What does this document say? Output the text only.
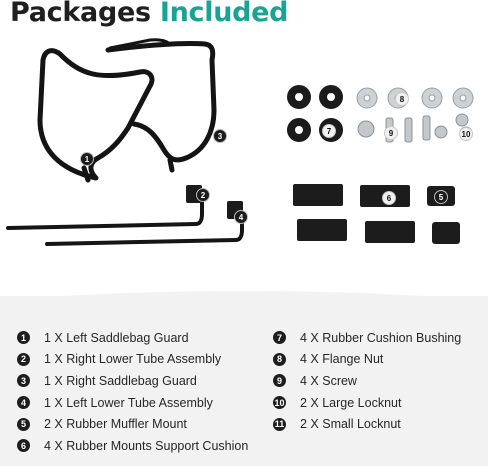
Packages Included
1
2
3
4
5
6
7
8
9	10
1	1 X Left Saddlebag Guard
2	1 X Right Lower Tube Assembly
3	1 X Right Saddlebag Guard
4	1 X Left Lower Tube Assembly
5	2 X Rubber Muffler Mount
6	4 X Rubber Mounts Support Cushion
7	4 X Rubber Cushion Bushing
8	4 X Flange Nut
9	4 X Screw
10 2 X Large Locknut
11 2 X Small Locknut
